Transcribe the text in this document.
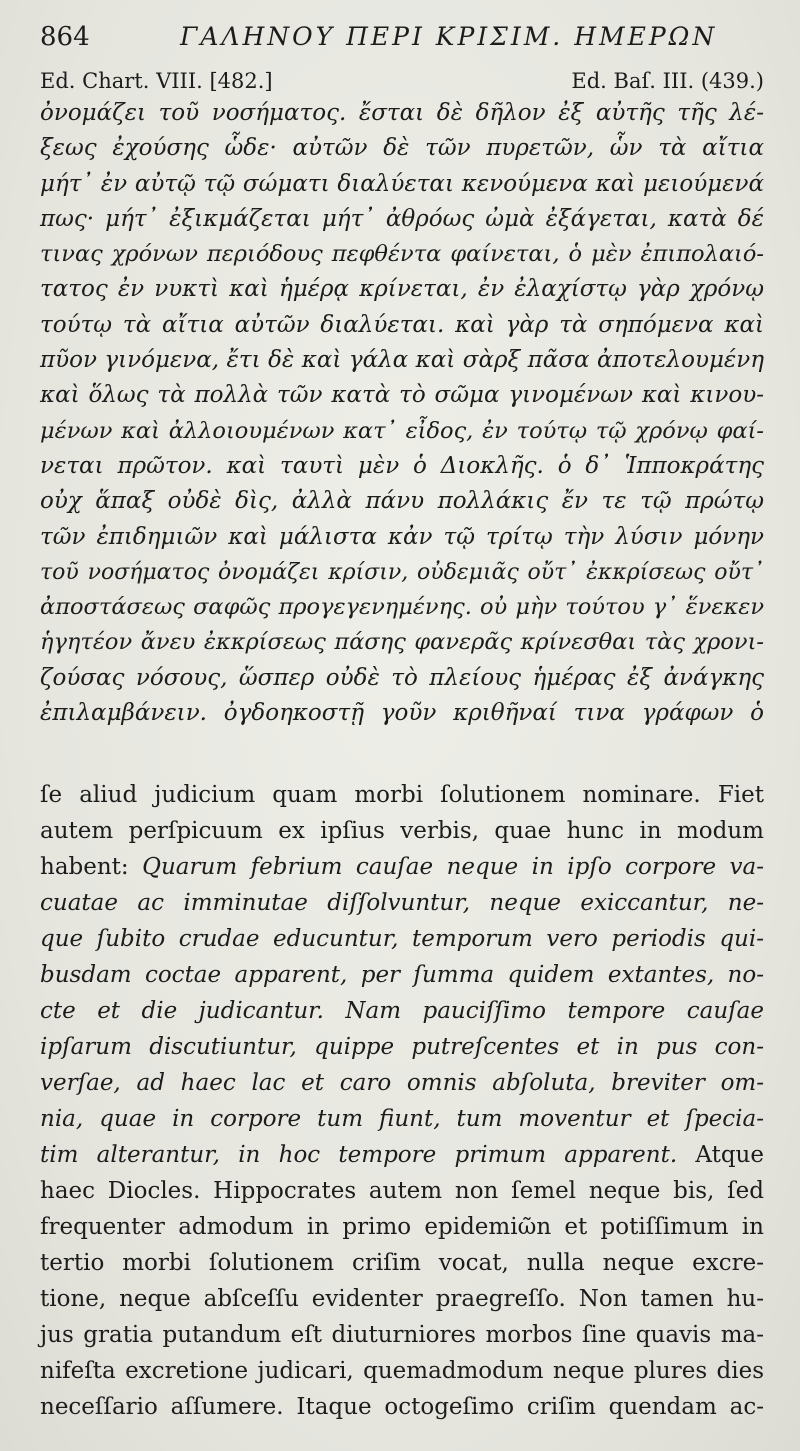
864	ΓΑΛΗΝΟΥ ΠΕΡΙ ΚΡΙΣΙΜ. ΗΜΕΡΩΝ
Ed. Chart. VIII. [482.]	Ed. Baſ. III. (439.)
ὀνομάζει τοῦ νοσήματος. ἔσται δὲ δῆλον ἐξ αὐτῆς τῆς λέ-
ξεως ἐχούσης ὧδε· αὐτῶν δὲ τῶν πυρετῶν, ὧν τὰ αἴτια
μήτ᾽ ἐν αὐτῷ τῷ σώματι διαλύεται κενούμενα καὶ μειούμενά
πως· μήτ᾽ ἐξικμάζεται μήτ᾽ ἀθρόως ὠμὰ ἐξάγεται, κατὰ δέ
τινας χρόνων περιόδους πεφθέντα φαίνεται, ὁ μὲν ἐπιπολαιό-
τατος ἐν νυκτὶ καὶ ἡμέρᾳ κρίνεται, ἐν ἐλαχίστῳ γὰρ χρόνῳ
τούτῳ τὰ αἴτια αὐτῶν διαλύεται. καὶ γὰρ τὰ σηπόμενα καὶ
πῦον γινόμενα, ἔτι δὲ καὶ γάλα καὶ σὰρξ πᾶσα ἀποτελουμένη
καὶ ὅλως τὰ πολλὰ τῶν κατὰ τὸ σῶμα γινομένων καὶ κινου-
μένων καὶ ἀλλοιουμένων κατ᾽ εἶδος, ἐν τούτῳ τῷ χρόνῳ φαί-
νεται πρῶτον. καὶ ταυτὶ μὲν ὁ Διοκλῆς. ὁ δ᾽ Ἱπποκράτης
οὐχ ἅπαξ οὐδὲ δὶς, ἀλλὰ πάνυ πολλάκις ἔν τε τῷ πρώτῳ
τῶν ἐπιδημιῶν καὶ μάλιστα κἀν τῷ τρίτῳ τὴν λύσιν μόνην
τοῦ νοσήματος ὀνομάζει κρίσιν, οὐδεμιᾶς οὔτ᾽ ἐκκρίσεως οὔτ᾽
ἀποστάσεως σαφῶς προγεγενημένης. οὐ μὴν τούτου γ᾽ ἕνεκεν
ἡγητέον ἄνευ ἐκκρίσεως πάσης φανερᾶς κρίνεσθαι τὰς χρονι-
ζούσας νόσους, ὥσπερ οὐδὲ τὸ πλείους ἡμέρας ἐξ ἀνάγκης
ἐπιλαμβάνειν. ὀγδοηκοστῇ γοῦν κριθῆναί τινα γράφων ὁ
ſe aliud judicium quam morbi ſolutionem nominare. Fiet
autem perſpicuum ex ipſius verbis, quae hunc in modum
habent: Quarum febrium cauſae neque in ipſo corpore va-
cuatae ac imminutae diſſolvuntur, neque exiccantur, ne-
que ſubito crudae educuntur, temporum vero periodis qui-
busdam coctae apparent, per ſumma quidem extantes, no-
cte et die judicantur. Nam pauciſſimo tempore cauſae
ipſarum discutiuntur, quippe putreſcentes et in pus con-
verſae, ad haec lac et caro omnis abſoluta, breviter om-
nia, quae in corpore tum fiunt, tum moventur et ſpecia-
tim alterantur, in hoc tempore primum apparent. Atque
haec Diocles. Hippocrates autem non ſemel neque bis, ſed
frequenter admodum in primo epidemiῶn et potiſſimum in
tertio morbi ſolutionem criſim vocat, nulla neque excre-
tione, neque abſceſſu evidenter praegreſſo. Non tamen hu-
jus gratia putandum eſt diuturniores morbos ſine quavis ma-
nifeſta excretione judicari, quemadmodum neque plures dies
neceſſario aſſumere. Itaque octogeſimo criſim quendam ac-
